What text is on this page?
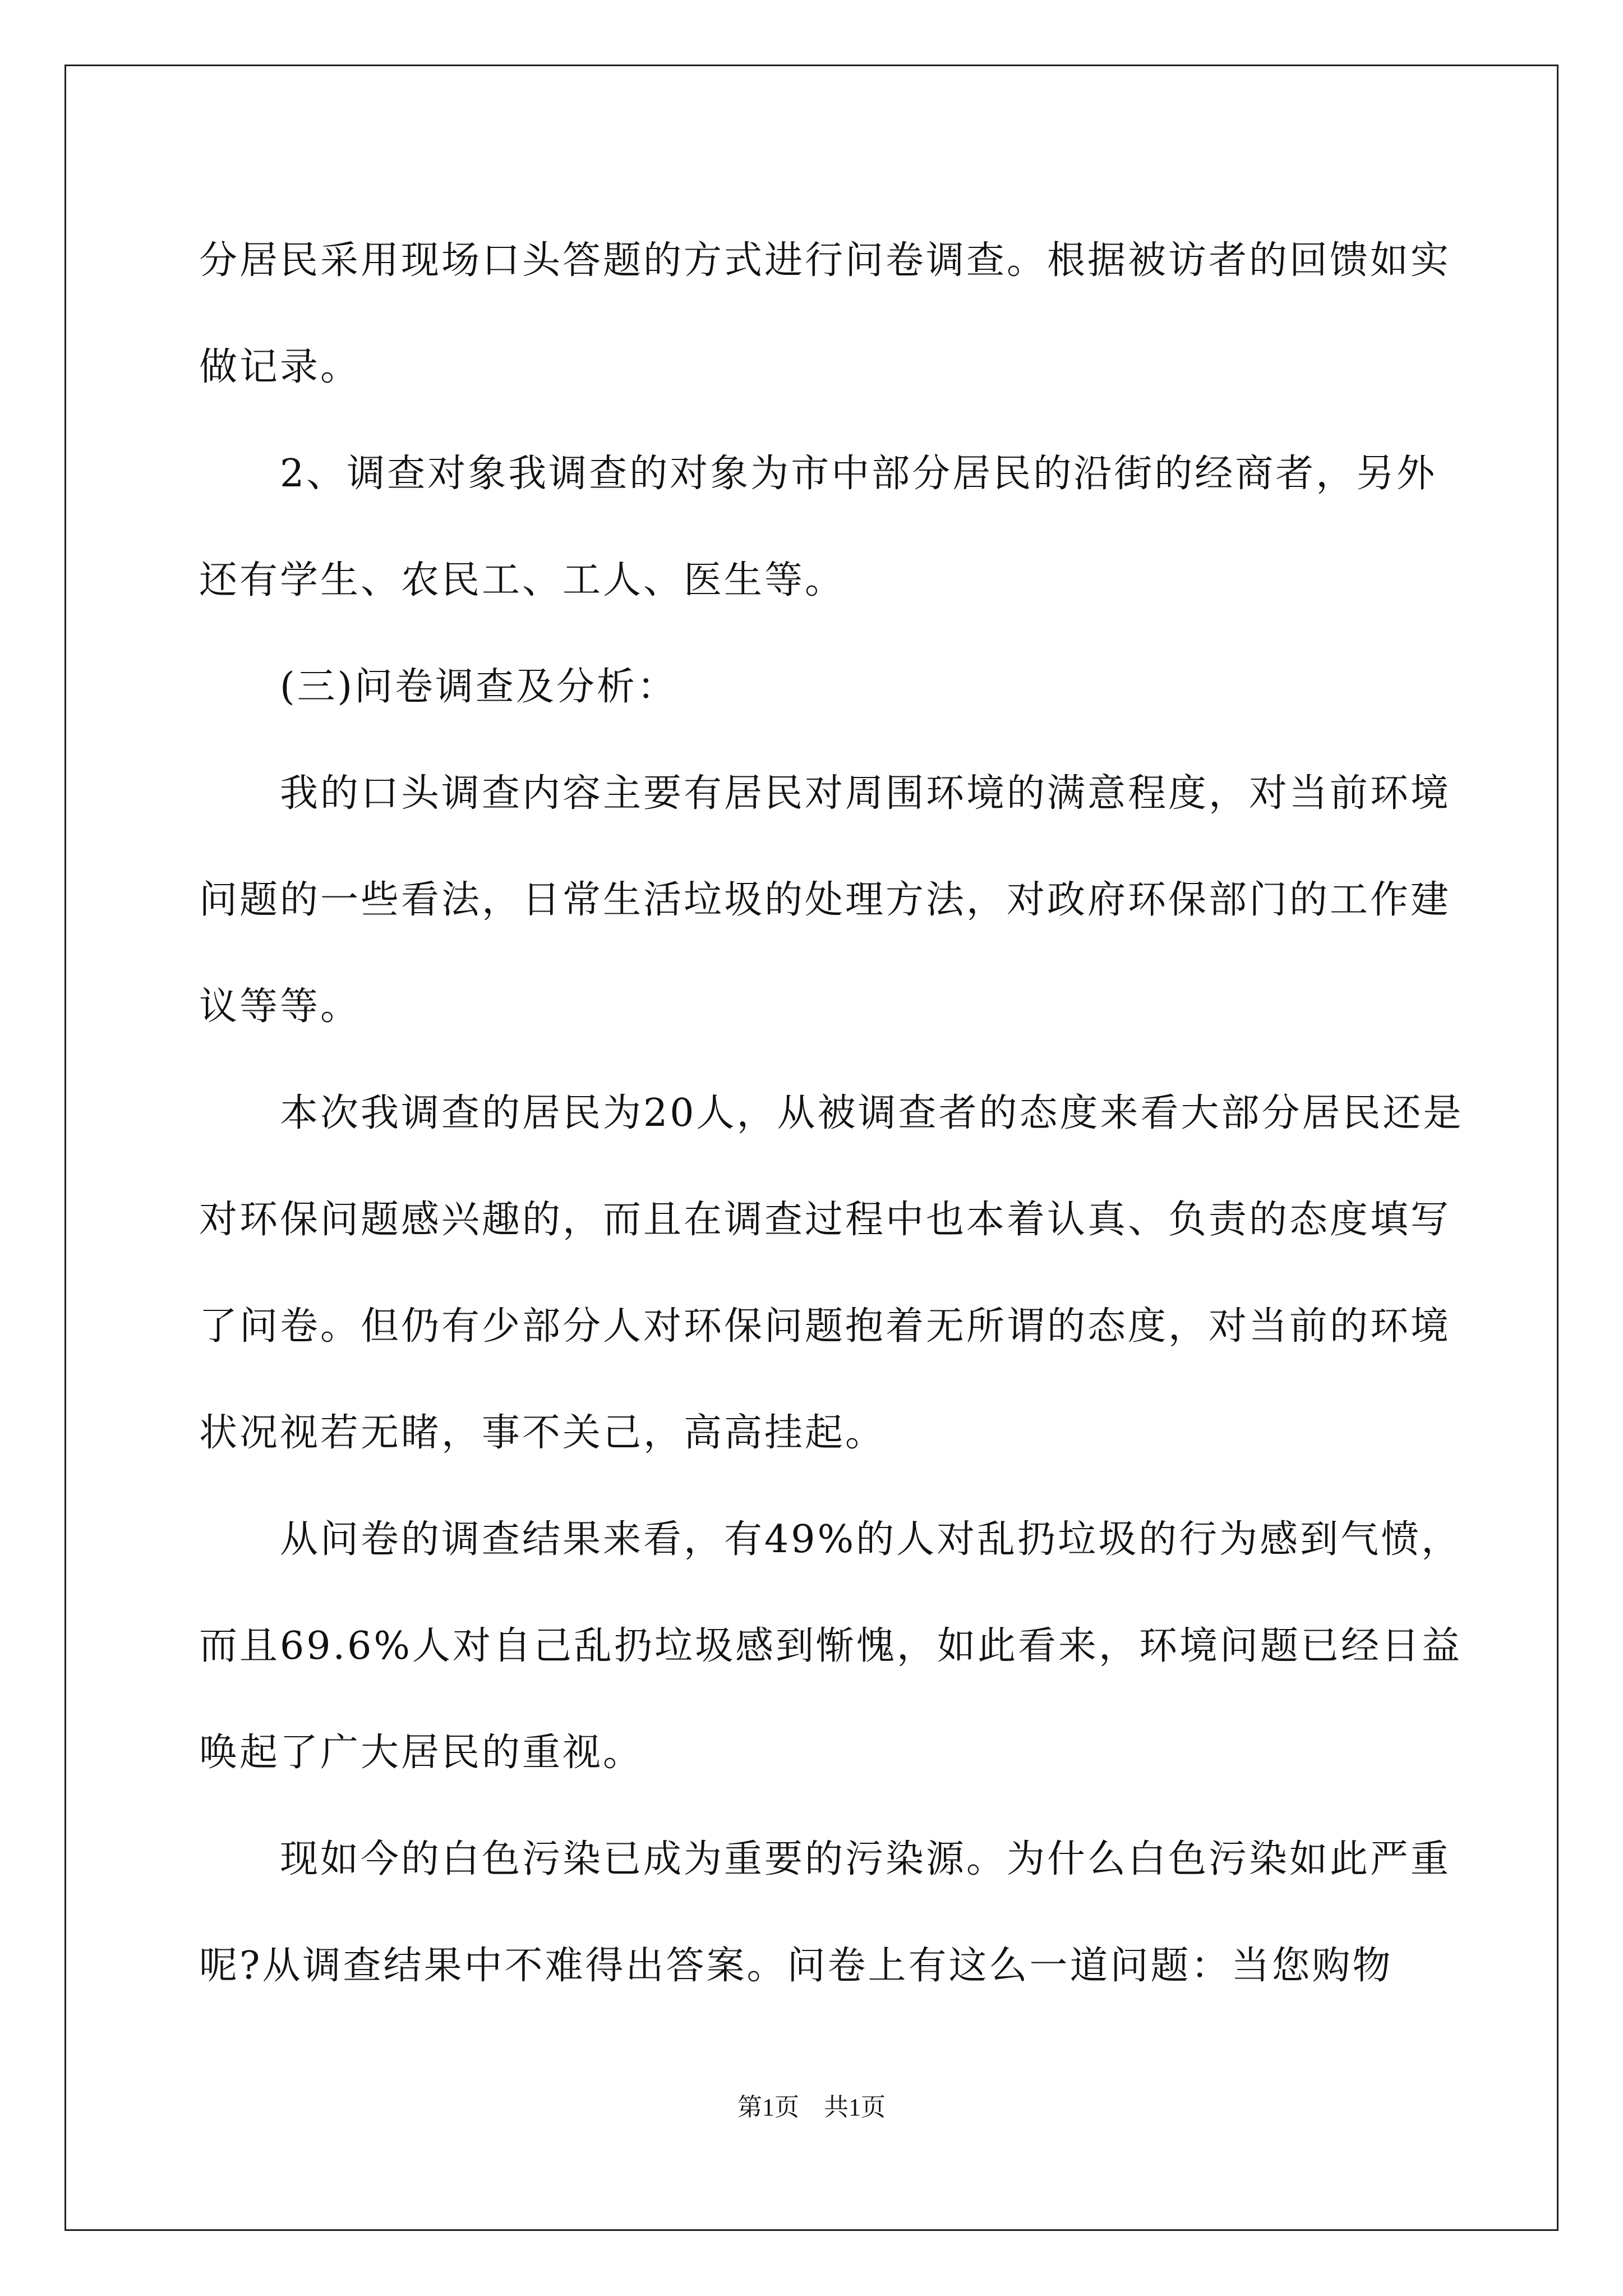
分居民采用现场口头答题的方式进行问卷调查。根据被访者的回馈如实做记录。

2、调查对象我调查的对象为市中部分居民的沿街的经商者，另外还有学生、农民工、工人、医生等。

(三)问卷调查及分析：

我的口头调查内容主要有居民对周围环境的满意程度，对当前环境问题的一些看法，日常生活垃圾的处理方法，对政府环保部门的工作建议等等。

本次我调查的居民为20人，从被调查者的态度来看大部分居民还是对环保问题感兴趣的，而且在调查过程中也本着认真、负责的态度填写了问卷。但仍有少部分人对环保问题抱着无所谓的态度，对当前的环境状况视若无睹，事不关己，高高挂起。

从问卷的调查结果来看，有49%的人对乱扔垃圾的行为感到气愤，而且69.6%人对自己乱扔垃圾感到惭愧，如此看来，环境问题已经日益唤起了广大居民的重视。

现如今的白色污染已成为重要的污染源。为什么白色污染如此严重呢?从调查结果中不难得出答案。问卷上有这么一道问题：当您购物

第1页　共1页
